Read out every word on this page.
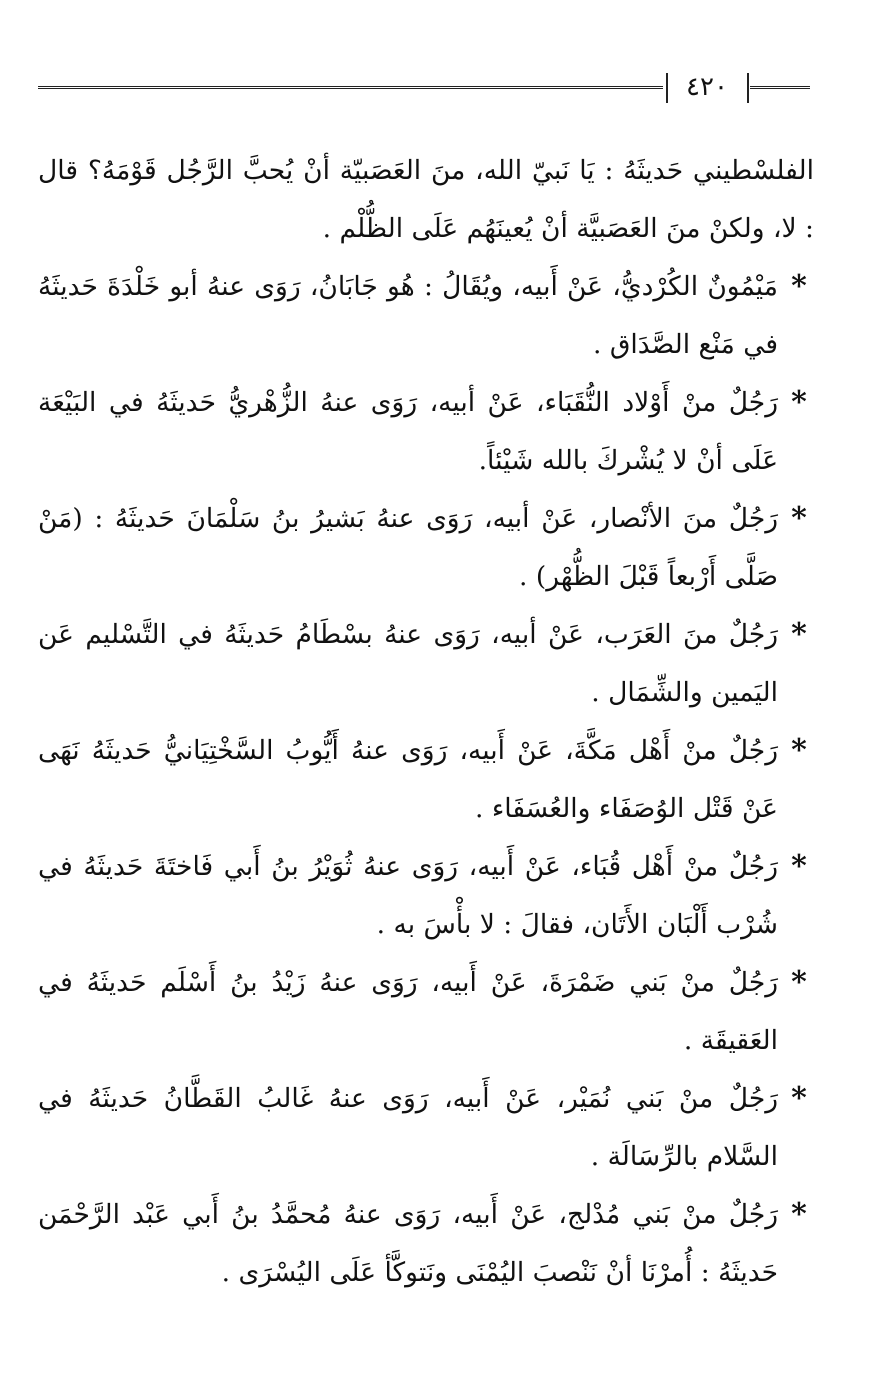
٤٢٠

الفلسْطيني حَديثَهُ : يَا نَبيّ الله، منَ العَصَبيّة أنْ يُحبَّ الرَّجُل قَوْمَهُ؟ قال : لا، ولكنْ منَ العَصَبيَّة أنْ يُعينَهُم عَلَى الظُّلْم .

*
مَيْمُونٌ الكُرْديُّ، عَنْ أَبيه، ويُقَالُ : هُو جَابَانُ، رَوَى عنهُ أبو خَلْدَةَ حَديثَهُ في مَنْع الصَّدَاق .
*
رَجُلٌ منْ أَوْلاد النُّقَبَاء، عَنْ أبيه، رَوَى عنهُ الزُّهْريُّ حَديثَهُ في البَيْعَة عَلَى أنْ لا يُشْركَ بالله شَيْئاً.
*
رَجُلٌ منَ الأنْصار، عَنْ أبيه، رَوَى عنهُ بَشيرُ بنُ سَلْمَانَ حَديثَهُ : (مَنْ صَلَّى أَرْبعاً قَبْلَ الظُّهْر) .
*
رَجُلٌ منَ العَرَب، عَنْ أبيه، رَوَى عنهُ بسْطَامُ حَديثَهُ في التَّسْليم عَن اليَمين والشِّمَال .
*
رَجُلٌ منْ أَهْل مَكَّةَ، عَنْ أَبيه، رَوَى عنهُ أَيُّوبُ السَّخْتِيَانيُّ حَديثَهُ نَهَى عَنْ قَتْل الوُصَفَاء والعُسَفَاء .
*
رَجُلٌ منْ أَهْل قُبَاء، عَنْ أَبيه، رَوَى عنهُ ثُوَيْرُ بنُ أَبي فَاختَةَ حَديثَهُ في شُرْب أَلْبَان الأَتَان، فقالَ : لا بأْسَ به .
*
رَجُلٌ منْ بَني ضَمْرَةَ، عَنْ أَبيه، رَوَى عنهُ زَيْدُ بنُ أَسْلَم حَديثَهُ في العَقيقَة .
*
رَجُلٌ منْ بَني نُمَيْر، عَنْ أَبيه، رَوَى عنهُ غَالبُ القَطَّانُ حَديثَهُ في السَّلام بالرِّسَالَة .
*
رَجُلٌ منْ بَني مُدْلج، عَنْ أَبيه، رَوَى عنهُ مُحمَّدُ بنُ أَبي عَبْد الرَّحْمَن حَديثَهُ : أُمرْنَا أنْ نَنْصبَ اليُمْنَى ونَتوكَّأ عَلَى اليُسْرَى .
